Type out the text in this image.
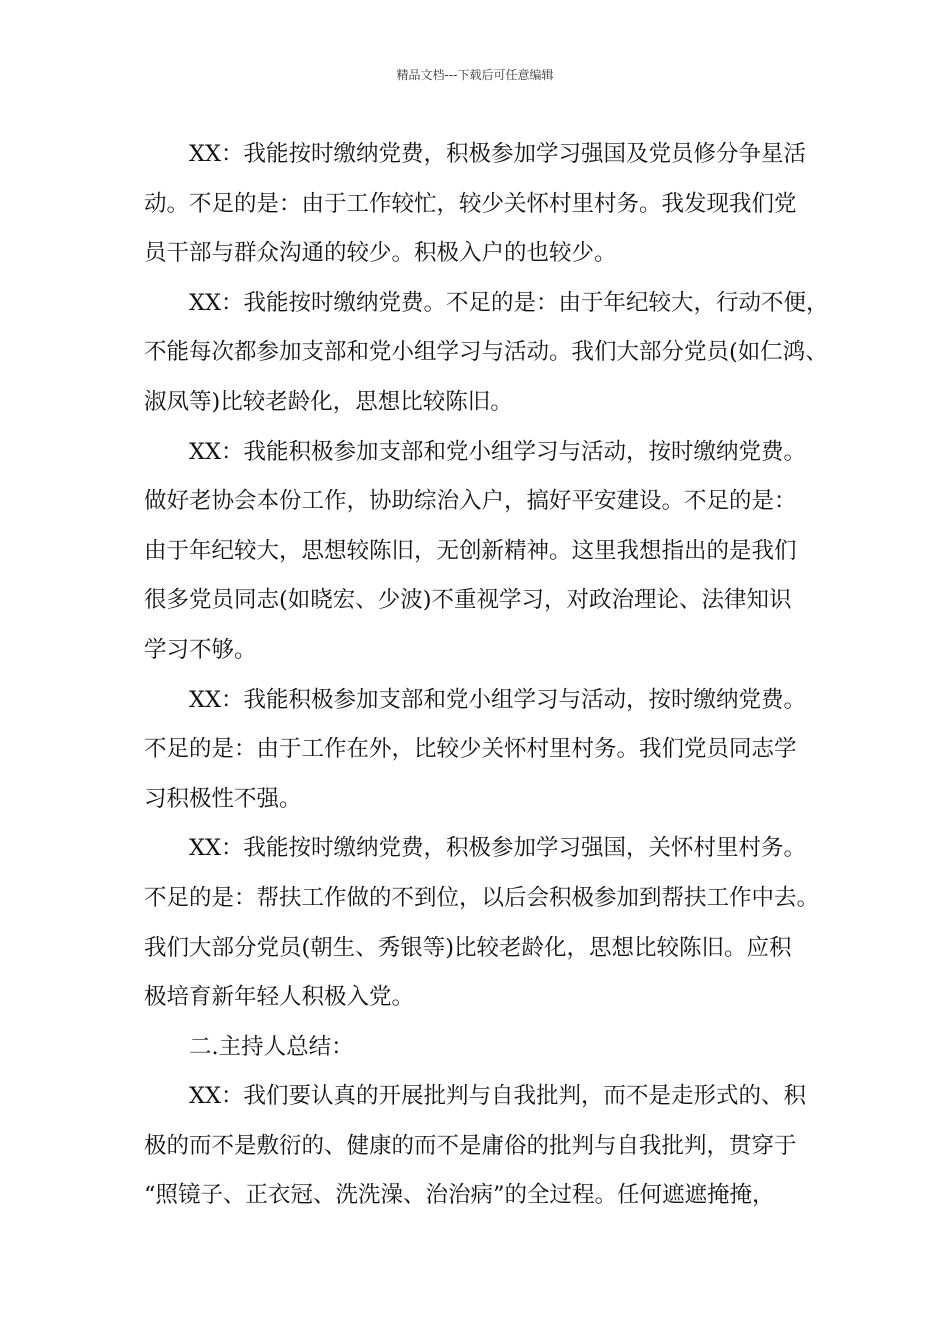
精品文档---下载后可任意编辑
XX：我能按时缴纳党费，积极参加学习强国及党员修分争星活
动。不足的是：由于工作较忙，较少关怀村里村务。我发现我们党
员干部与群众沟通的较少。积极入户的也较少。
XX：我能按时缴纳党费。不足的是：由于年纪较大，行动不便，
不能每次都参加支部和党小组学习与活动。我们大部分党员(如仁鸿、
淑凤等)比较老龄化，思想比较陈旧。
XX：我能积极参加支部和党小组学习与活动，按时缴纳党费。
做好老协会本份工作，协助综治入户，搞好平安建设。不足的是：
由于年纪较大，思想较陈旧，无创新精神。这里我想指出的是我们
很多党员同志(如晓宏、少波)不重视学习，对政治理论、法律知识
学习不够。
XX：我能积极参加支部和党小组学习与活动，按时缴纳党费。
不足的是：由于工作在外，比较少关怀村里村务。我们党员同志学
习积极性不强。
XX：我能按时缴纳党费，积极参加学习强国，关怀村里村务。
不足的是：帮扶工作做的不到位，以后会积极参加到帮扶工作中去。
我们大部分党员(朝生、秀银等)比较老龄化，思想比较陈旧。应积
极培育新年轻人积极入党。
二.主持人总结：
XX：我们要认真的开展批判与自我批判，而不是走形式的、积
极的而不是敷衍的、健康的而不是庸俗的批判与自我批判，贯穿于
“照镜子、正衣冠、洗洗澡、治治病”的全过程。任何遮遮掩掩，
